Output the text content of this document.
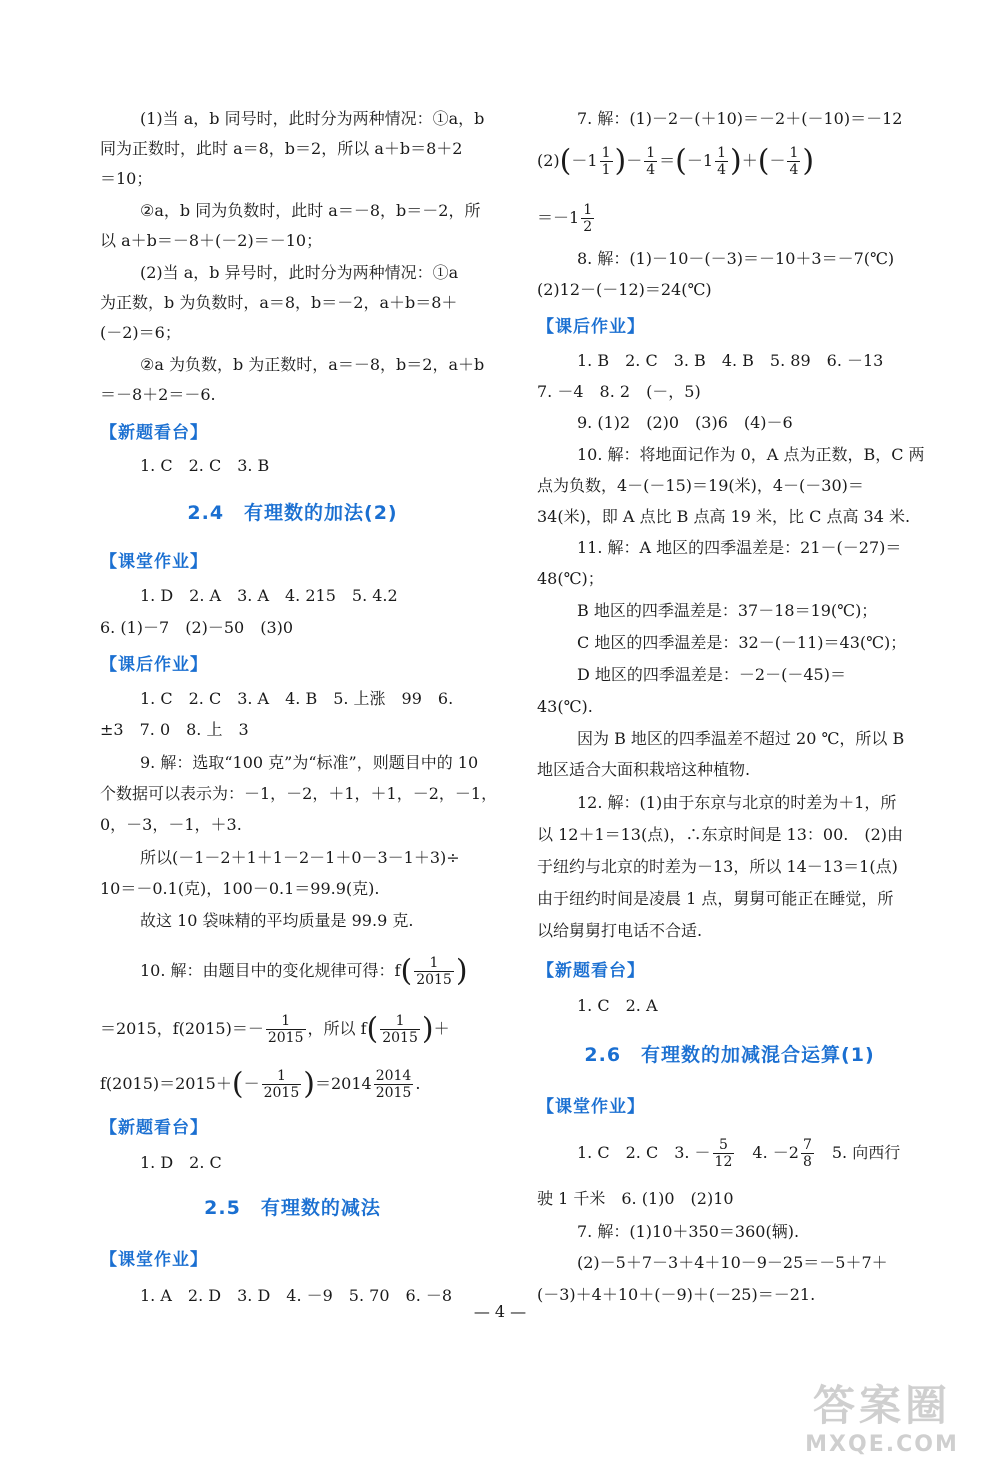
(1)当 a，b 同号时，此时分为两种情况：①a，b
同为正数时，此时 a＝8，b＝2，所以 a＋b＝8＋2
＝10；
②a，b 同为负数时，此时 a＝－8，b＝－2，所
以 a＋b＝－8＋(－2)＝－10；
(2)当 a，b 异号时，此时分为两种情况：①a
为正数，b 为负数时，a＝8，b＝－2，a＋b＝8＋
(－2)＝6；
②a 为负数，b 为正数时，a＝－8，b＝2，a＋b
＝－8＋2＝－6.
【新题看台】
1. C　2. C　3. B
2.4　有理数的加法(2)
【课堂作业】
1. D　2. A　3. A　4. 215　5. 4.2
6. (1)－7　(2)－50　(3)0
【课后作业】
1. C　2. C　3. A　4. B　5. 上涨　99　6.
±3　7. 0　8. 上　3
9. 解：选取“100 克”为“标准”，则题目中的 10
个数据可以表示为：－1，－2，＋1，＋1，－2，－1，
0，－3，－1，＋3.
所以(－1－2＋1＋1－2－1＋0－3－1＋3)÷
10＝－0.1(克)，100－0.1＝99.9(克).
故这 10 袋味精的平均质量是 99.9 克.
10. 解：由题目中的变化规律可得：$f( \frac{1}{2015}$ )
＝2015，$f(2015)=- \frac{1}{2015}$ ，所以 $f( \frac{1}{2015}$ )＋
$f(2015)=2015+(- \frac{1}{2015} )=2014 \frac{2014}{2015}$ .
【新题看台】
1. D　2. C
2.5　有理数的减法
【课堂作业】
1. A　2. D　3. D　4. －9　5. 70　6. －8
7. 解：(1)－2－(＋10)＝－2＋(－10)＝－12
$(2)(-1 \frac{1}{1}$ )－ $\frac{1}{4} =(-1 \frac{1}{4}$ )＋(－ $\frac{1}{4}$ )
$=-1 \frac{1}{2}$
8. 解：(1)－10－(－3)＝－10＋3＝－7(℃)
(2)12－(－12)＝24(℃)
【课后作业】
1. B　2. C　3. B　4. B　5. 89　6. －13
7. －4　8. 2　(－，5)
9. (1)2　(2)0　(3)6　(4)－6
10. 解：将地面记作为 0，A 点为正数，B，C 两
点为负数，4－(－15)＝19(米)，4－(－30)＝
34(米)，即 A 点比 B 点高 19 米，比 C 点高 34 米.
11. 解：A 地区的四季温差是：21－(－27)＝
48(℃)；
B 地区的四季温差是：37－18＝19(℃)；
C 地区的四季温差是：32－(－11)＝43(℃)；
D 地区的四季温差是：－2－(－45)＝
43(℃).
因为 B 地区的四季温差不超过 20 ℃，所以 B
地区适合大面积栽培这种植物.
12. 解：(1)由于东京与北京的时差为＋1，所
以 12＋1＝13(点)，∴东京时间是 13：00.　(2)由
于纽约与北京的时差为－13，所以 14－13＝1(点)
由于纽约时间是凌晨 1 点，舅舅可能正在睡觉，所
以给舅舅打电话不合适.
【新题看台】
1. C　2. A
2.6　有理数的加减混合运算(1)
【课堂作业】
1. C　2. C　3. － $\frac{5}{12}$
　 4. $-2 \frac{7}{8}$
　 5. 向西行
驶 1 千米　6. (1)0　(2)10
7. 解：(1)10＋350＝360(辆).
(2)－5＋7－3＋4＋10－9－25＝－5＋7＋
(－3)＋4＋10＋(－9)＋(－25)＝－21.
— 4 —
答案圈
MXQE.COM
